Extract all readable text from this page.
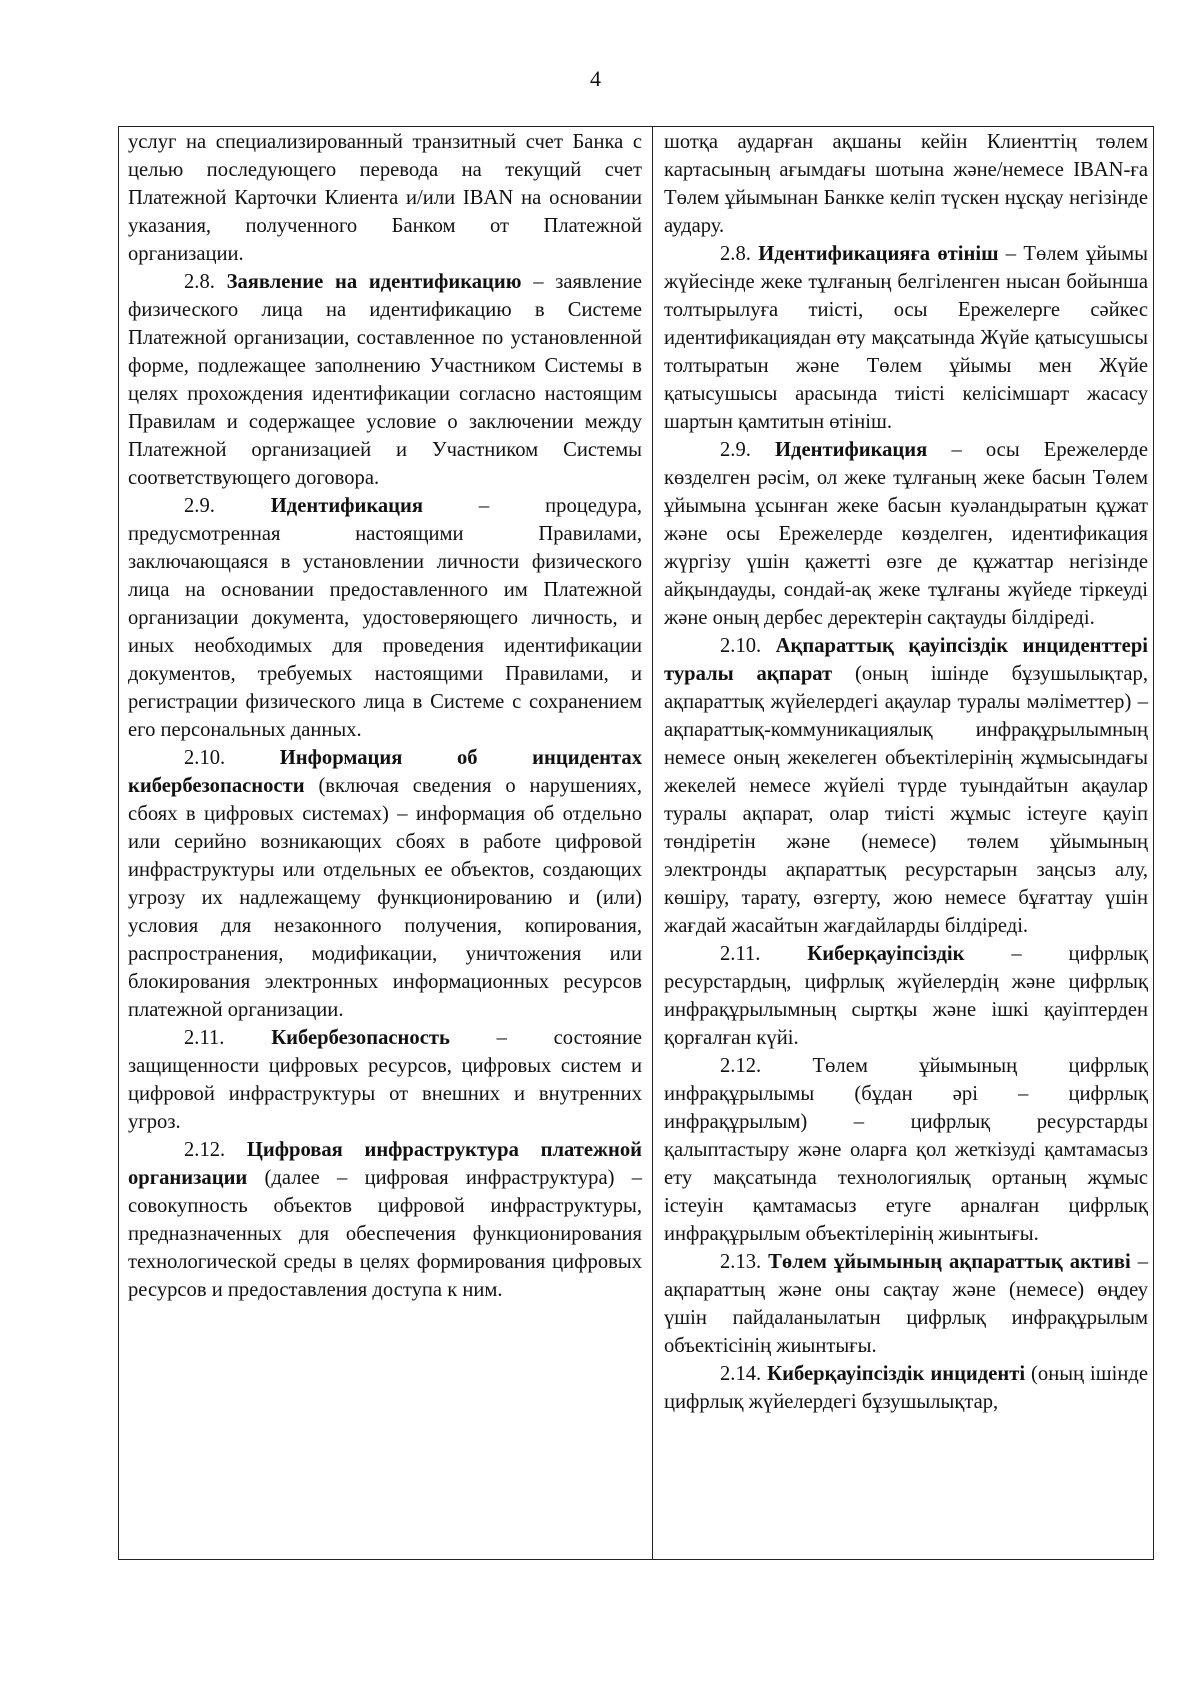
4

услуг на специализированный транзитный счет Банка с целью последующего перевода на текущий счет Платежной Карточки Клиента и/или IBAN на основании указания, полученного Банком от Платежной организации.

2.8. Заявление на идентификацию – заявление физического лица на идентификацию в Системе Платежной организации, составленное по установленной форме, подлежащее заполнению Участником Системы в целях прохождения идентификации согласно настоящим Правилам и содержащее условие о заключении между Платежной организацией и Участником Системы соответствующего договора.

2.9.	Идентификация – процедура, предусмотренная настоящими Правилами, заключающаяся в установлении личности физического лица на основании предоставленного им Платежной организации документа, удостоверяющего личность, и иных необходимых для проведения идентификации документов, требуемых настоящими Правилами, и регистрации физического лица в Системе с сохранением его персональных данных.

2.10.	Информация об инцидентах кибербезопасности (включая сведения о нарушениях, сбоях в цифровых системах) – информация об отдельно или серийно возникающих сбоях в работе цифровой инфраструктуры или отдельных ее объектов, создающих угрозу их надлежащему функционированию и (или) условия для незаконного получения, копирования, распространения, модификации, уничтожения или блокирования электронных информационных ресурсов платежной организации.

2.11. Кибербезопасность – состояние защищенности цифровых ресурсов, цифровых систем и цифровой инфраструктуры от внешних и внутренних угроз.

2.12. Цифровая инфраструктура платежной организации (далее – цифровая инфраструктура) – совокупность объектов цифровой инфраструктуры, предназначенных для обеспечения функционирования технологической среды в целях формирования цифровых ресурсов и предоставления доступа к ним.

шотқа аударған ақшаны кейін Клиенттің төлем картасының ағымдағы шотына және/немесе IBAN-ға Төлем ұйымынан Банкке келіп түскен нұсқау негізінде аудару.

2.8. Идентификацияға өтініш – Төлем ұйымы жүйесінде жеке тұлғаның белгіленген нысан бойынша толтырылуға тиісті, осы Ережелерге сәйкес идентификациядан өту мақсатында Жүйе қатысушысы толтыратын және Төлем ұйымы мен Жүйе қатысушысы арасында тиісті келісімшарт жасасу шартын қамтитын өтініш.

2.9. Идентификация – осы Ережелерде көзделген рәсім, ол жеке тұлғаның жеке басын Төлем ұйымына ұсынған жеке басын куәландыратын құжат және осы Ережелерде көзделген, идентификация жүргізу үшін қажетті өзге де құжаттар негізінде айқындауды, сондай-ақ жеке тұлғаны жүйеде тіркеуді және оның дербес деректерін сақтауды білдіреді.

2.10. Ақпараттық қауіпсіздік инциденттері туралы ақпарат (оның ішінде бұзушылықтар, ақпараттық жүйелердегі ақаулар туралы мәліметтер) – ақпараттық-коммуникациялық инфрақұрылымның немесе оның жекелеген объектілерінің жұмысындағы жекелей немесе жүйелі түрде туындайтын ақаулар туралы ақпарат, олар тиісті жұмыс істеуге қауіп төндіретін және (немесе) төлем ұйымының электронды ақпараттық ресурстарын заңсыз алу, көшіру, тарату, өзгерту, жою немесе бұғаттау үшін жағдай жасайтын жағдайларды білдіреді.

2.11. Киберқауіпсіздік – цифрлық ресурстардың, цифрлық жүйелердің және цифрлық инфрақұрылымның сыртқы және ішкі қауіптерден қорғалған күйі.

2.12. Төлем ұйымының цифрлық инфрақұрылымы (бұдан әрі – цифрлық инфрақұрылым) – цифрлық ресурстарды қалыптастыру және оларға қол жеткізуді қамтамасыз ету мақсатында технологиялық ортаның жұмыс істеуін қамтамасыз етуге арналған цифрлық инфрақұрылым объектілерінің жиынтығы.

2.13. Төлем ұйымының ақпараттық активі – ақпараттың және оны сақтау және (немесе) өңдеу үшін пайдаланылатын цифрлық инфрақұрылым объектісінің жиынтығы.

2.14. Киберқауіпсіздік инциденті (оның ішінде цифрлық жүйелердегі бұзушылықтар,
